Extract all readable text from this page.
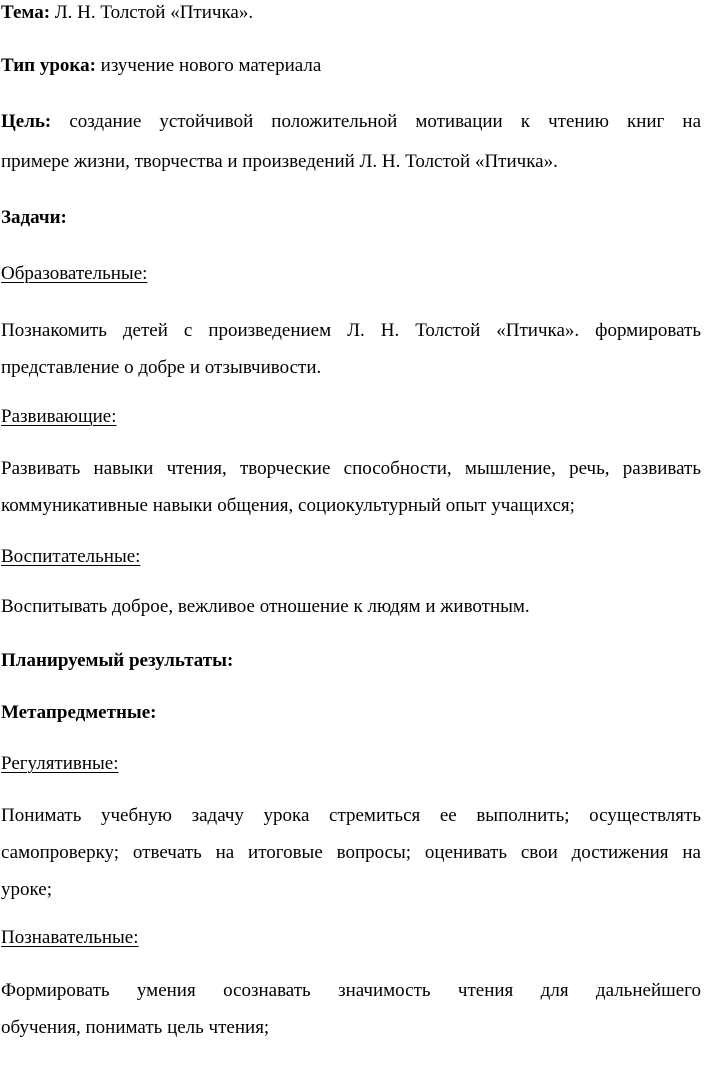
Тема: Л. Н. Толстой «Птичка».
Тип урока: изучение нового материала
Цель: создание устойчивой положительной мотивации к чтению книг на
примере жизни, творчества и произведений Л. Н. Толстой «Птичка».
Задачи:
Образовательные:
Познакомить детей с произведением Л. Н. Толстой «Птичка». формировать
представление о добре и отзывчивости.
Развивающие:
Развивать навыки чтения, творческие способности, мышление, речь, развивать
коммуникативные навыки общения, социокультурный опыт учащихся;
Воспитательные:
Воспитывать доброе, вежливое отношение к людям и животным.
Планируемый результаты:
Метапредметные:
Регулятивные:
Понимать учебную задачу урока стремиться ее выполнить; осуществлять
самопроверку; отвечать на итоговые вопросы; оценивать свои достижения на
уроке;
Познавательные:
Формировать умения осознавать значимость чтения для дальнейшего
обучения, понимать цель чтения;
